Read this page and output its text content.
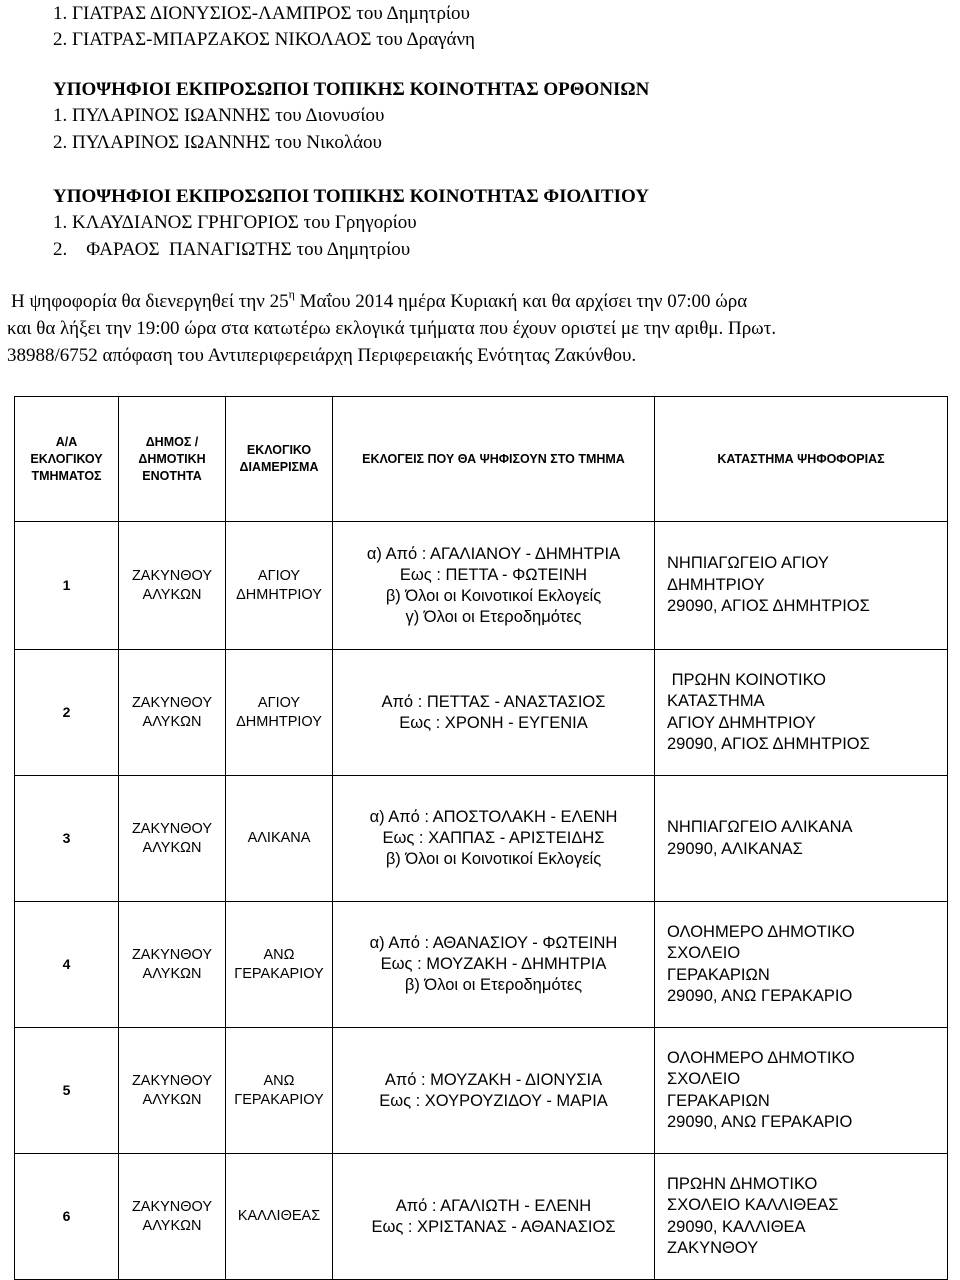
1. ΓΙΑΤΡΑΣ ΔΙΟΝΥΣΙΟΣ-ΛΑΜΠΡΟΣ του Δημητρίου
2. ΓΙΑΤΡΑΣ-ΜΠΑΡΖΑΚΟΣ ΝΙΚΟΛΑΟΣ του Δραγάνη
ΥΠΟΨΗΦΙΟΙ ΕΚΠΡΟΣΩΠΟΙ ΤΟΠΙΚΗΣ ΚΟΙΝΟΤΗΤΑΣ ΟΡΘΟΝΙΩΝ
1. ΠΥΛΑΡΙΝΟΣ ΙΩΑΝΝΗΣ του Διονυσίου
2. ΠΥΛΑΡΙΝΟΣ ΙΩΑΝΝΗΣ του Νικολάου
ΥΠΟΨΗΦΙΟΙ ΕΚΠΡΟΣΩΠΟΙ ΤΟΠΙΚΗΣ ΚΟΙΝΟΤΗΤΑΣ ΦΙΟΛΙΤΙΟΥ
1. ΚΛΑΥΔΙΑΝΟΣ ΓΡΗΓΟΡΙΟΣ του Γρηγορίου
2.    ΦΑΡΑΟΣ  ΠΑΝΑΓΙΩΤΗΣ του Δημητρίου
Η ψηφοφορία θα διενεργηθεί την $25^\eta$ Μαΐου 2014 ημέρα Κυριακή και θα αρχίσει την 07:00 ώρα
και θα λήξει την 19:00 ώρα στα κατωτέρω εκλογικά τμήματα που έχουν οριστεί με την αριθμ. Πρωτ.
38988/6752 απόφαση του Αντιπεριφερειάρχη Περιφερειακής Ενότητας Ζακύνθου.
Α/Α
ΕΚΛΟΓΙΚΟΥ
ΤΜΗΜΑΤΟΣ	ΔΗΜΟΣ /
ΔΗΜΟΤΙΚΗ
ΕΝΟΤΗΤΑ	ΕΚΛΟΓΙΚΟ
ΔΙΑΜΕΡΙΣΜΑ	ΕΚΛΟΓΕΙΣ ΠΟΥ ΘΑ ΨΗΦΙΣΟΥΝ ΣΤΟ ΤΜΗΜΑ	ΚΑΤΑΣΤΗΜΑ ΨΗΦΟΦΟΡΙΑΣ
1	ΖΑΚΥΝΘΟΥ
ΑΛΥΚΩΝ	ΑΓΙΟΥ
ΔΗΜΗΤΡΙΟΥ	α) Από : ΑΓΑΛΙΑΝΟΥ - ΔΗΜΗΤΡΙΑ
Εως : ΠΕΤΤΑ - ΦΩΤΕΙΝΗ
β) Όλοι οι Κοινοτικοί Εκλογείς
γ) Όλοι οι Ετεροδημότες	ΝΗΠΙΑΓΩΓΕΙΟ ΑΓΙΟΥ
ΔΗΜΗΤΡΙΟΥ
29090, ΑΓΙΟΣ ΔΗΜΗΤΡΙΟΣ

2	ΖΑΚΥΝΘΟΥ
ΑΛΥΚΩΝ	ΑΓΙΟΥ
ΔΗΜΗΤΡΙΟΥ	Από : ΠΕΤΤΑΣ - ΑΝΑΣΤΑΣΙΟΣ
Εως : ΧΡΟΝΗ - ΕΥΓΕΝΙΑ	ΠΡΩΗΝ ΚΟΙΝΟΤΙΚΟ
ΚΑΤΑΣΤΗΜΑ
ΑΓΙΟΥ ΔΗΜΗΤΡΙΟΥ
29090, ΑΓΙΟΣ ΔΗΜΗΤΡΙΟΣ

3	ΖΑΚΥΝΘΟΥ
ΑΛΥΚΩΝ	ΑΛΙΚΑΝΑ	α) Από : ΑΠΟΣΤΟΛΑΚΗ - ΕΛΕΝΗ
Εως : ΧΑΠΠΑΣ - ΑΡΙΣΤΕΙΔΗΣ
β) Όλοι οι Κοινοτικοί Εκλογείς	ΝΗΠΙΑΓΩΓΕΙΟ ΑΛΙΚΑΝΑ
29090, ΑΛΙΚΑΝΑΣ

4	ΖΑΚΥΝΘΟΥ
ΑΛΥΚΩΝ	ΑΝΩ
ΓΕΡΑΚΑΡΙΟΥ	α) Από : ΑΘΑΝΑΣΙΟΥ - ΦΩΤΕΙΝΗ
Εως : ΜΟΥΖΑΚΗ - ΔΗΜΗΤΡΙΑ
β) Όλοι οι Ετεροδημότες	ΟΛΟΗΜΕΡΟ ΔΗΜΟΤΙΚΟ
ΣΧΟΛΕΙΟ
ΓΕΡΑΚΑΡΙΩΝ
29090, ΑΝΩ ΓΕΡΑΚΑΡΙΟ

5	ΖΑΚΥΝΘΟΥ
ΑΛΥΚΩΝ	ΑΝΩ
ΓΕΡΑΚΑΡΙΟΥ	Από : ΜΟΥΖΑΚΗ - ΔΙΟΝΥΣΙΑ
Εως : ΧΟΥΡΟΥΖΙΔΟΥ - ΜΑΡΙΑ	ΟΛΟΗΜΕΡΟ ΔΗΜΟΤΙΚΟ
ΣΧΟΛΕΙΟ
ΓΕΡΑΚΑΡΙΩΝ
29090, ΑΝΩ ΓΕΡΑΚΑΡΙΟ

6	ΖΑΚΥΝΘΟΥ
ΑΛΥΚΩΝ	ΚΑΛΛΙΘΕΑΣ	Από : ΑΓΑΛΙΩΤΗ - ΕΛΕΝΗ
Εως : ΧΡΙΣΤΑΝΑΣ - ΑΘΑΝΑΣΙΟΣ	ΠΡΩΗΝ ΔΗΜΟΤΙΚΟ
ΣΧΟΛΕΙΟ ΚΑΛΛΙΘΕΑΣ
29090, ΚΑΛΛΙΘΕΑ
ΖΑΚΥΝΘΟΥ
